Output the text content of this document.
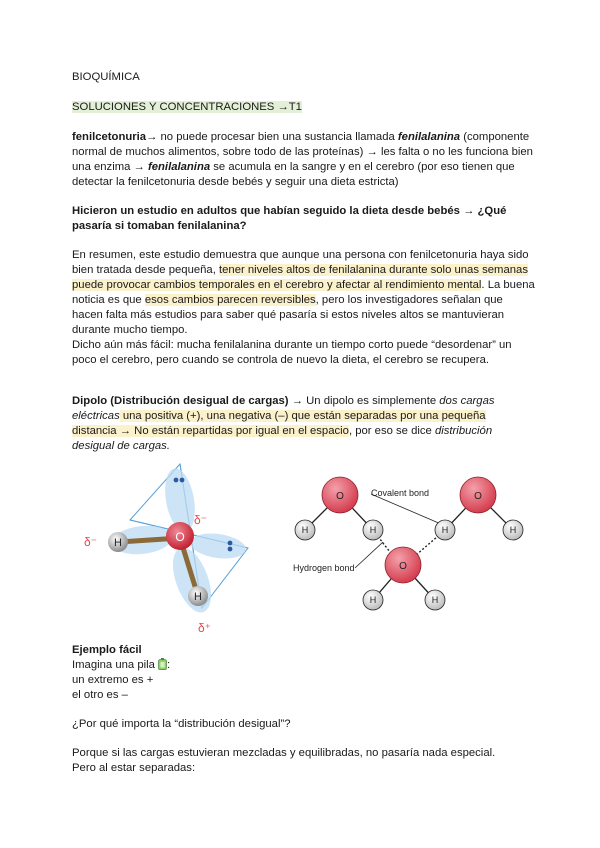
BIOQUÍMICA
SOLUCIONES Y CONCENTRACIONES →T1
fenilcetonuria→ no puede procesar bien una sustancia llamada fenilalanina (componente
normal de muchos alimentos, sobre todo de las proteínas) → les falta o no les funciona bien
una enzima → fenilalanina se acumula en la sangre y en el cerebro (por eso tienen que
detectar la fenilcetonuria desde bebés y seguir una dieta estricta)
Hicieron un estudio en adultos que habían seguido la dieta desde bebés → ¿Qué
pasaría si tomaban fenilalanina?
En resumen, este estudio demuestra que aunque una persona con fenilcetonuria haya sido
bien tratada desde pequeña, tener niveles altos de fenilalanina durante solo unas semanas
puede provocar cambios temporales en el cerebro y afectar al rendimiento mental. La buena
noticia es que esos cambios parecen reversibles, pero los investigadores señalan que
hacen falta más estudios para saber qué pasaría si estos niveles altos se mantuvieran
durante mucho tiempo.
Dicho aún más fácil: mucha fenilalanina durante un tiempo corto puede “desordenar” un
poco el cerebro, pero cuando se controla de nuevo la dieta, el cerebro se recupera.
Dipolo (Distribución desigual de cargas) → Un dipolo es simplemente dos cargas
eléctricas una positiva (+), una negativa (–) que están separadas por una pequeña
distancia → No están repartidas por igual en el espacio, por eso se dice distribución
desigual de cargas.
Ejemplo fácil
Imagina una pila :
un extremo es +
el otro es –
¿Por qué importa la “distribución desigual”?
Porque si las cargas estuvieran mezcladas y equilibradas, no pasaría nada especial.
Pero al estar separadas:
O
H
H
δ⁻
δ⁻
δ⁺
O	O
O
H	H	H	H
H	H
Covalent bond
Hydrogen bond
